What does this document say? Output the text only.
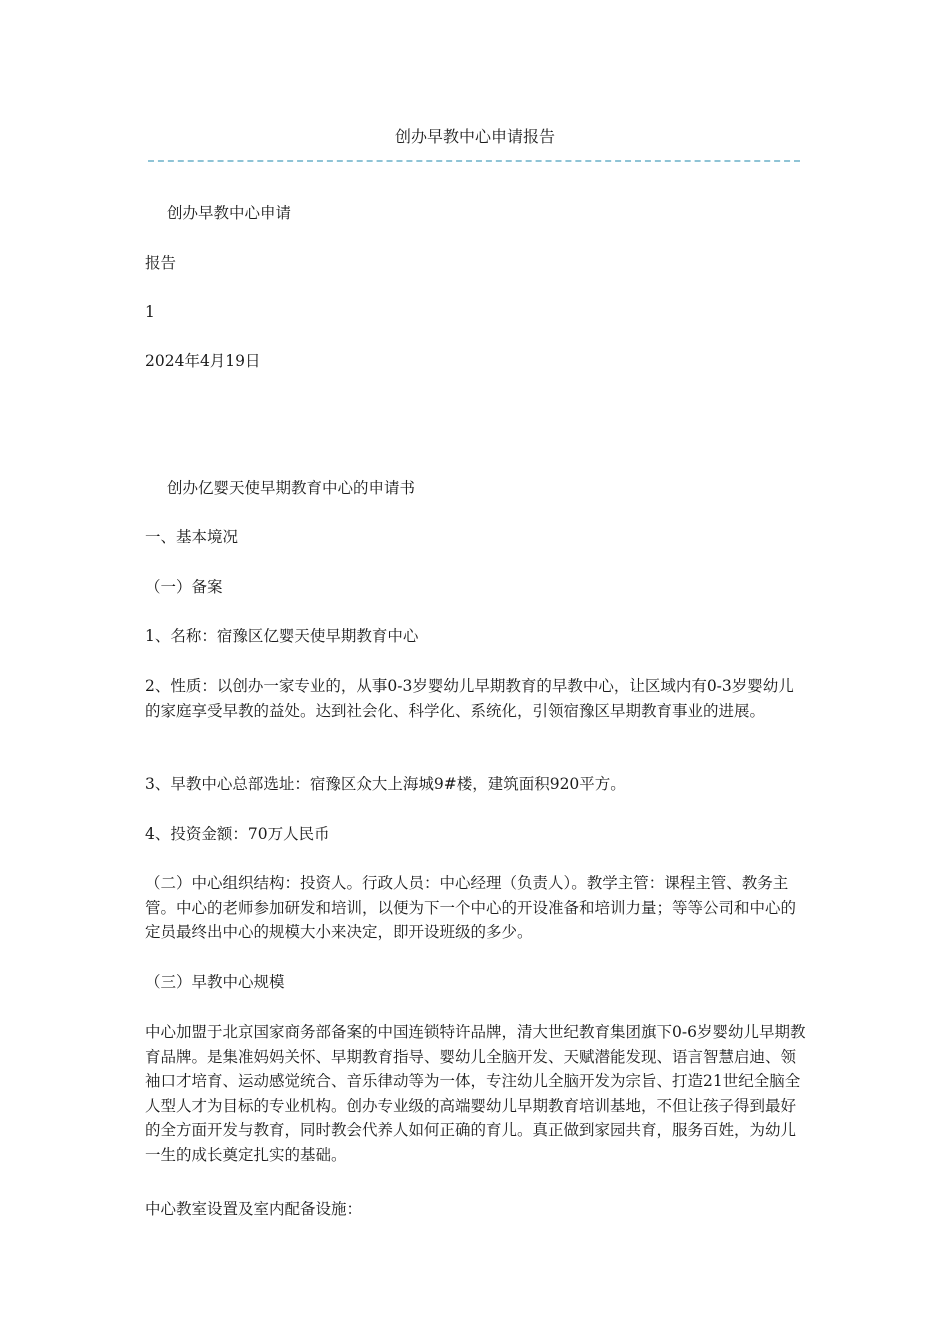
创办早教中心申请报告

创办早教中心申请

报告

1

2024年4月19日

创办亿婴天使早期教育中心的申请书

一、基本境况

（一）备案

1、名称：宿豫区亿婴天使早期教育中心

2、性质：以创办一家专业的，从事0-3岁婴幼儿早期教育的早教中心，让区域内有0-3岁婴幼儿的家庭享受早教的益处。达到社会化、科学化、系统化，引领宿豫区早期教育事业的进展。

3、早教中心总部选址：宿豫区众大上海城9#楼，建筑面积920平方。

4、投资金额：70万人民币

（二）中心组织结构：投资人。行政人员：中心经理（负责人）。教学主管：课程主管、教务主管。中心的老师参加研发和培训，以便为下一个中心的开设准备和培训力量；等等公司和中心的定员最终出中心的规模大小来决定，即开设班级的多少。

（三）早教中心规模

中心加盟于北京国家商务部备案的中国连锁特许品牌，清大世纪教育集团旗下0-6岁婴幼儿早期教育品牌。是集准妈妈关怀、早期教育指导、婴幼儿全脑开发、天赋潜能发现、语言智慧启迪、领袖口才培育、运动感觉统合、音乐律动等为一体，专注幼儿全脑开发为宗旨、打造21世纪全脑全人型人才为目标的专业机构。创办专业级的高端婴幼儿早期教育培训基地，不但让孩子得到最好的全方面开发与教育，同时教会代养人如何正确的育儿。真正做到家园共育，服务百姓，为幼儿一生的成长奠定扎实的基础。

中心教室设置及室内配备设施：
